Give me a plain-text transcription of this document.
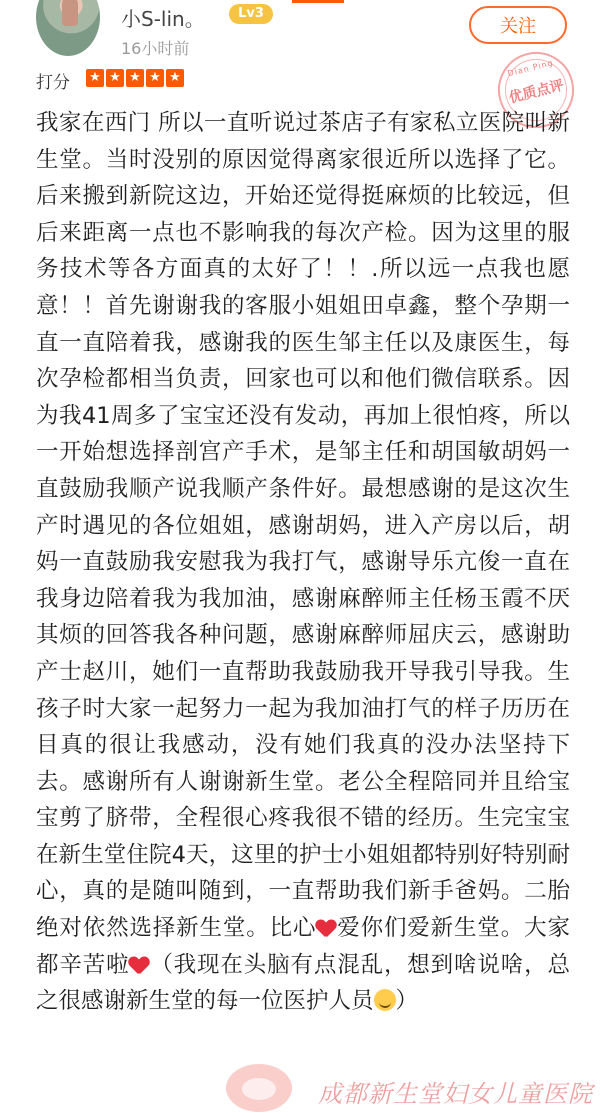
小S-lin。	Lv3
16小时前
关注
打分 ★ ★ ★ ★ ★	Dian Ping
优质点评

我家在西门 所以一直听说过茶店子有家私立医院叫新生堂。当时没别的原因觉得离家很近所以选择了它。后来搬到新院这边，开始还觉得挺麻烦的比较远，但后来距离一点也不影响我的每次产检。因为这里的服务技术等各方面真的太好了！！.所以远一点我也愿意！！首先谢谢我的客服小姐姐田卓鑫，整个孕期一直一直陪着我，感谢我的医生邹主任以及康医生，每次孕检都相当负责，回家也可以和他们微信联系。因为我41周多了宝宝还没有发动，再加上很怕疼，所以一开始想选择剖宫产手术，是邹主任和胡国敏胡妈一直鼓励我顺产说我顺产条件好。最想感谢的是这次生产时遇见的各位姐姐，感谢胡妈，进入产房以后，胡妈一直鼓励我安慰我为我打气，感谢导乐亢俊一直在我身边陪着我为我加油，感谢麻醉师主任杨玉霞不厌其烦的回答我各种问题，感谢麻醉师屈庆云，感谢助产士赵川，她们一直帮助我鼓励我开导我引导我。生孩子时大家一起努力一起为我加油打气的样子历历在目真的很让我感动，没有她们我真的没办法坚持下去。感谢所有人谢谢新生堂。老公全程陪同并且给宝宝剪了脐带，全程很心疼我很不错的经历。生完宝宝在新生堂住院4天，这里的护士小姐姐都特别好特别耐心，真的是随叫随到，一直帮助我们新手爸妈。二胎绝对依然选择新生堂。比心 爱你们爱新生堂。大家都辛苦啦 （我现在头脑有点混乱，想到啥说啥，总之很感谢新生堂的每一位医护人员 ）

成都新生堂妇女儿童医院
